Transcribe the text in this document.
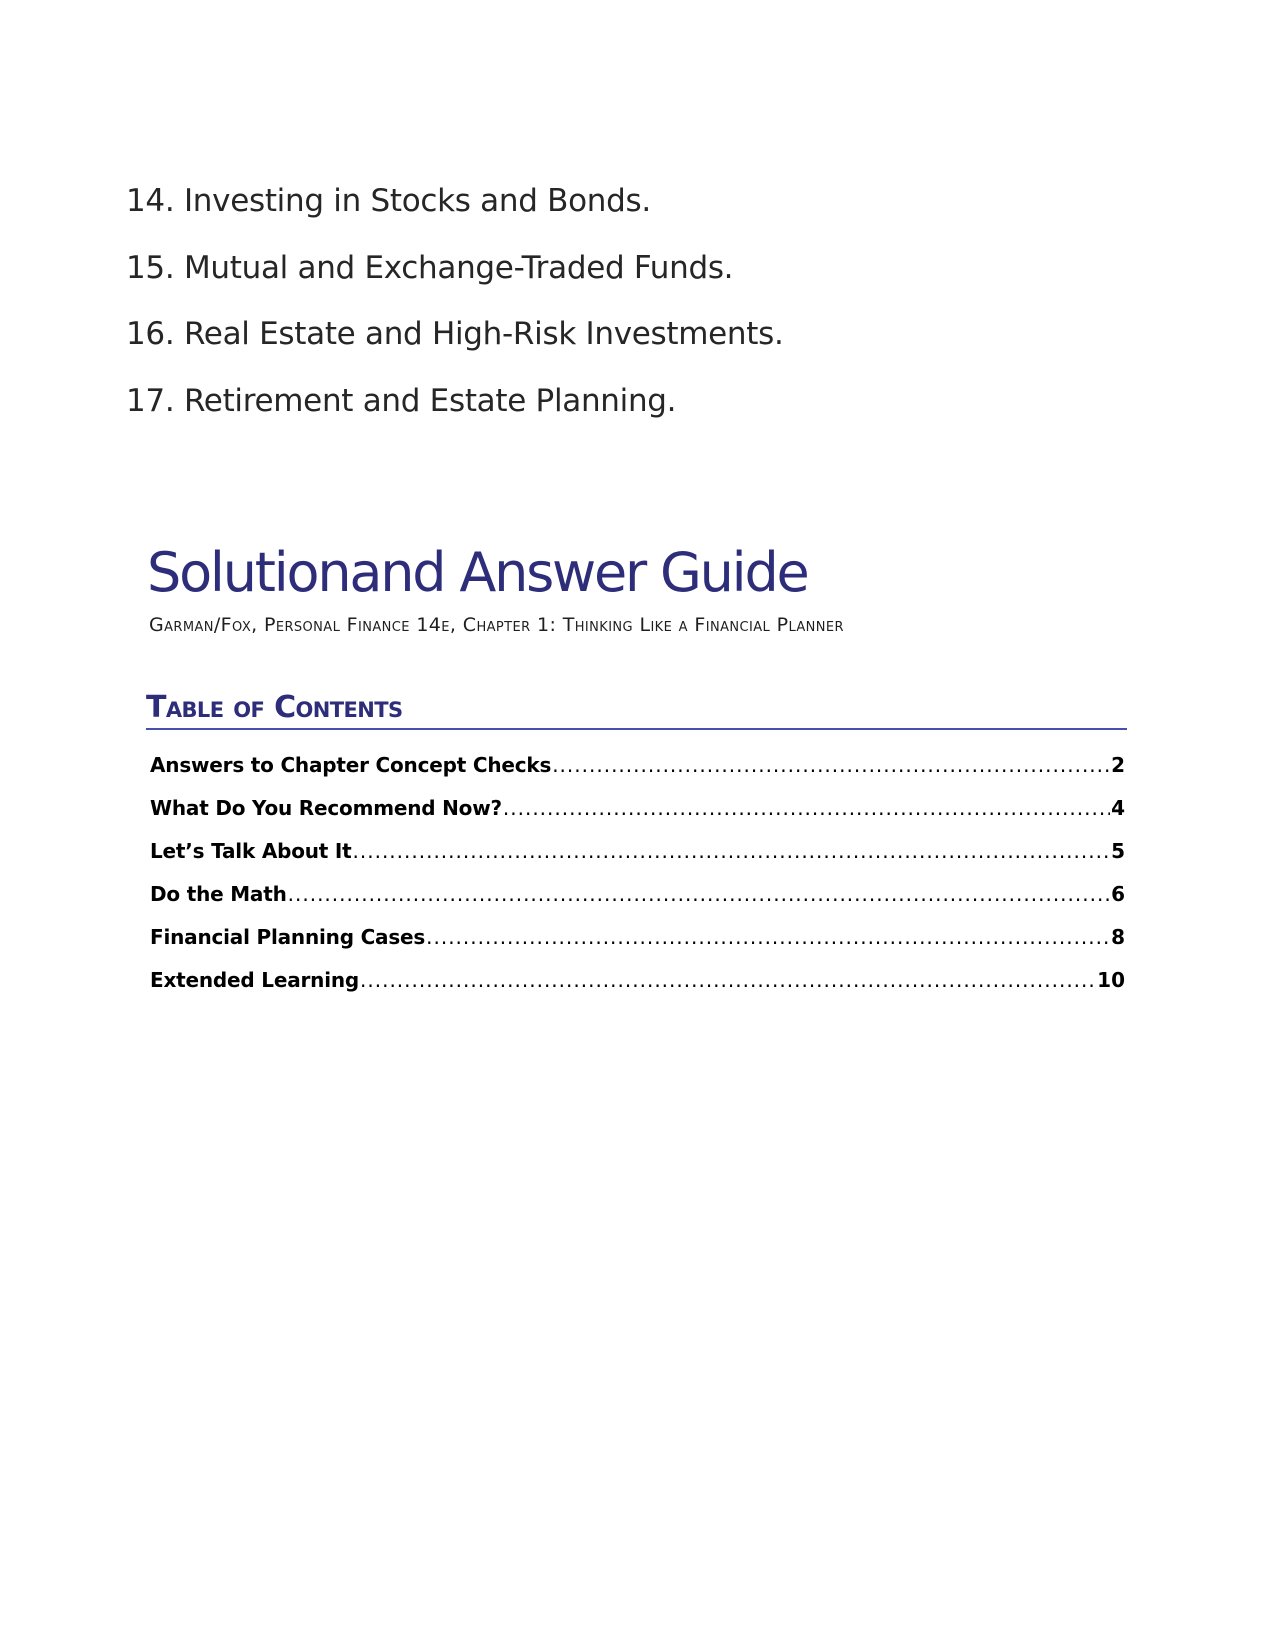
14. Investing in Stocks and Bonds.
15. Mutual and Exchange-Traded Funds.
16. Real Estate and High-Risk Investments.
17. Retirement and Estate Planning.
Solutionand Answer Guide

Garman/Fox, Personal Finance 14e, Chapter 1: Thinking Like a Financial Planner

Table of Contents
Answers to Chapter Concept Checks .....	2
What Do You Recommend Now? .....	4
Let’s Talk About It .....	5
Do the Math .....	6
Financial Planning Cases .....	8
Extended Learning .....	10
